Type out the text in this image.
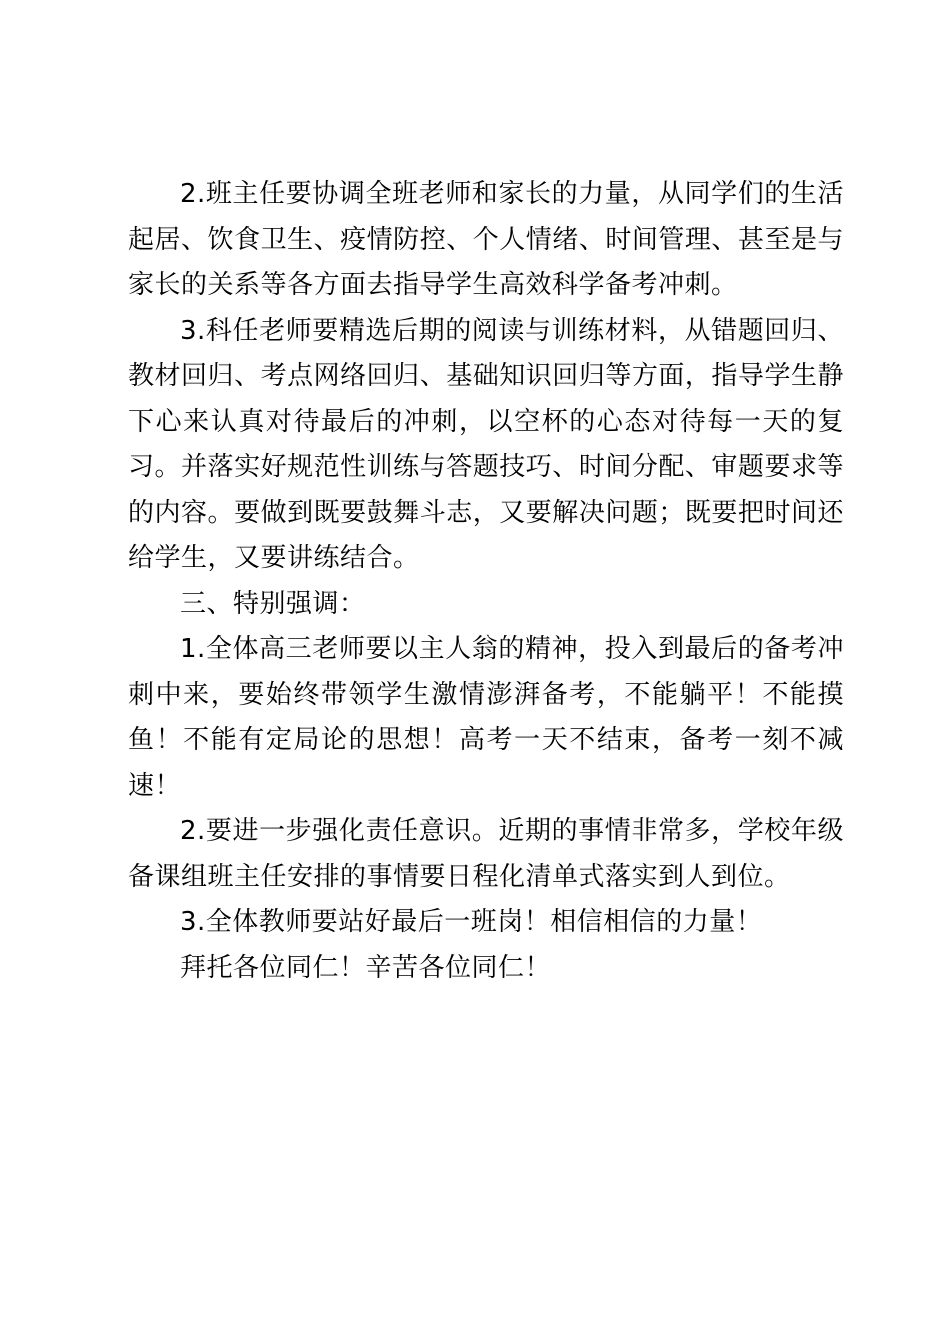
2.班主任要协调全班老师和家长的力量，从同学们的生活起居、饮食卫生、疫情防控、个人情绪、时间管理、甚至是与家长的关系等各方面去指导学生高效科学备考冲刺。

3.科任老师要精选后期的阅读与训练材料，从错题回归、教材回归、考点网络回归、基础知识回归等方面，指导学生静下心来认真对待最后的冲刺，以空杯的心态对待每一天的复习。并落实好规范性训练与答题技巧、时间分配、审题要求等的内容。要做到既要鼓舞斗志，又要解决问题；既要把时间还给学生，又要讲练结合。

三、特别强调：

1.全体高三老师要以主人翁的精神，投入到最后的备考冲刺中来，要始终带领学生激情澎湃备考，不能躺平！不能摸鱼！不能有定局论的思想！高考一天不结束，备考一刻不减速！

2.要进一步强化责任意识。近期的事情非常多，学校年级备课组班主任安排的事情要日程化清单式落实到人到位。

3.全体教师要站好最后一班岗！相信相信的力量！

拜托各位同仁！辛苦各位同仁！
